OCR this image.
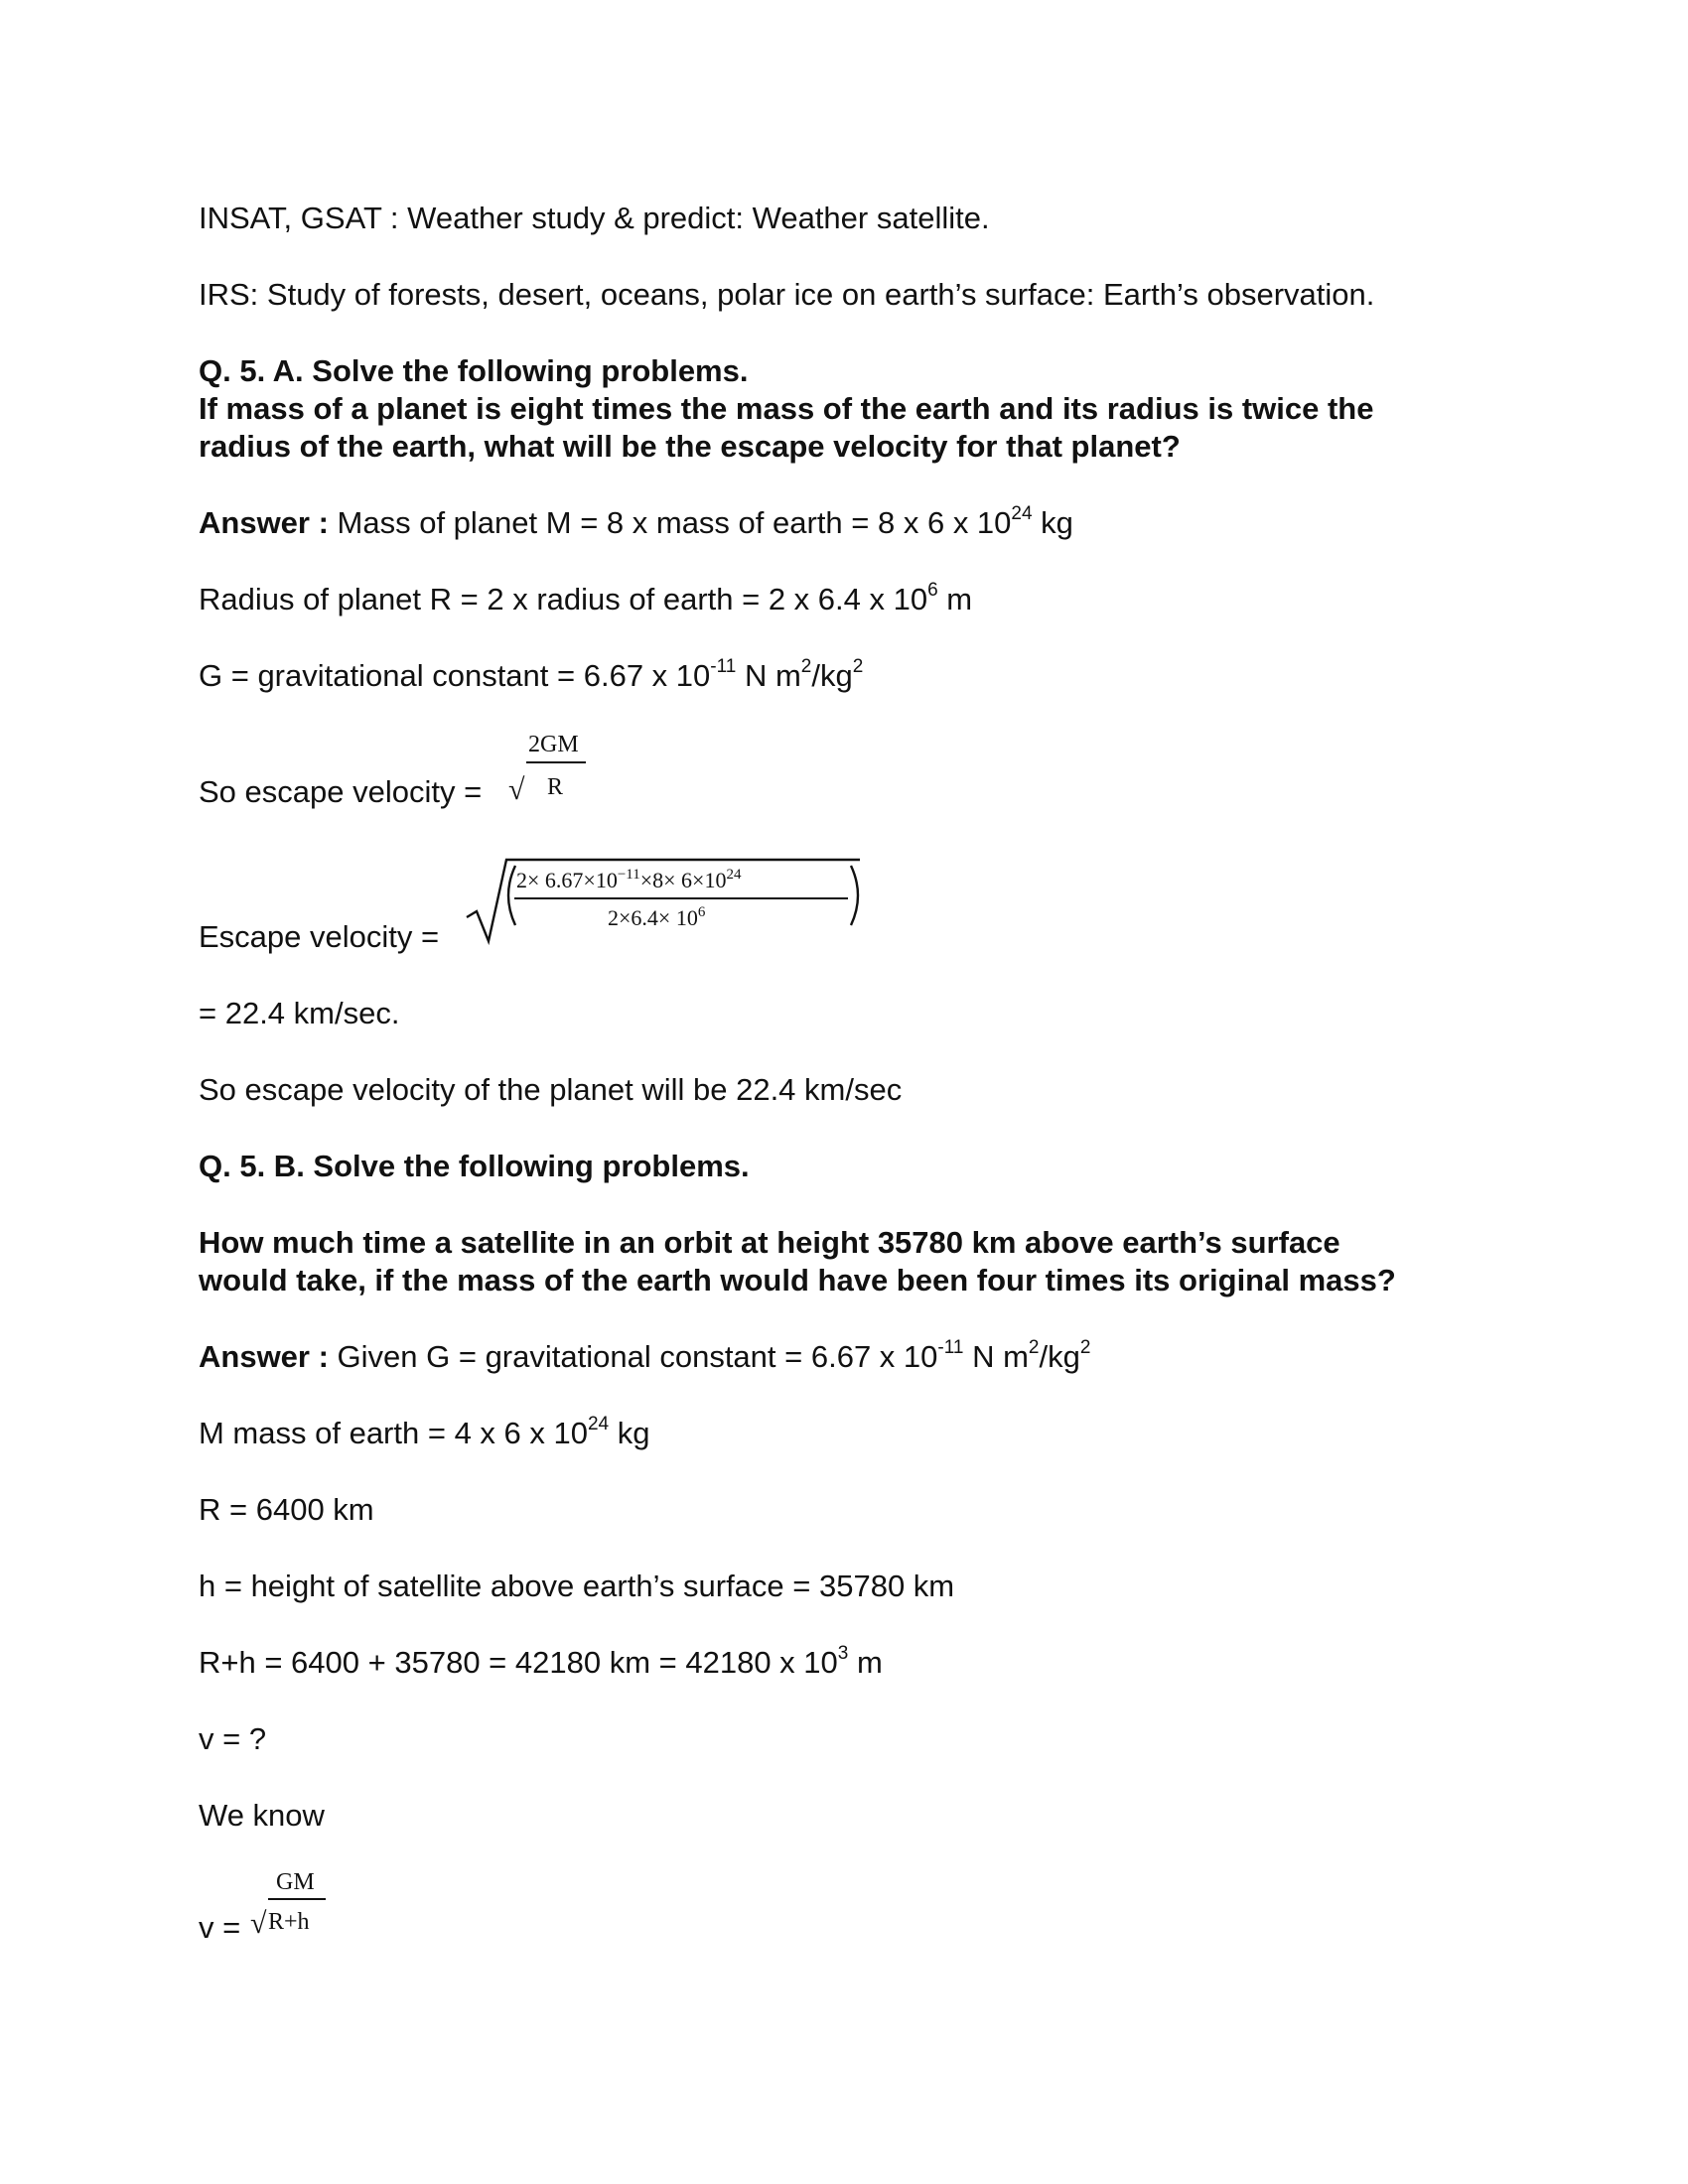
INSAT, GSAT : Weather study & predict: Weather satellite.
IRS: Study of forests, desert, oceans, polar ice on earth’s surface: Earth’s observation.
Q. 5. A. Solve the following problems.
If mass of a planet is eight times the mass of the earth and its radius is twice the
radius of the earth, what will be the escape velocity for that planet?
Answer : Mass of planet M = 8 x mass of earth = 8 x 6 x $10^{24}$ kg
Radius of planet R = 2 x radius of earth = 2 x 6.4 x $10^6$ m
G = gravitational constant = 6.67 x $10^{-11}$ N $m^2/kg^2$
So escape velocity = √
2GM
R
Escape velocity =
$2\times 6.67\times 10^{-11}\times 8\times 6\times 10^{24}$
$2\times 6.4\times 10^6$
= 22.4 km/sec.
So escape velocity of the planet will be 22.4 km/sec
Q. 5. B. Solve the following problems.
How much time a satellite in an orbit at height 35780 km above earth’s surface
would take, if the mass of the earth would have been four times its original mass?
Answer : Given G = gravitational constant = 6.67 x $10^{-11}$ N $m^2/kg^2$
M mass of earth = 4 x 6 x $10^{24}$ kg
R = 6400 km
h = height of satellite above earth’s surface = 35780 km
R+h = 6400 + 35780 = 42180 km = 42180 x $10^3$ m
v = ?
We know
v = √
GM
R+h
